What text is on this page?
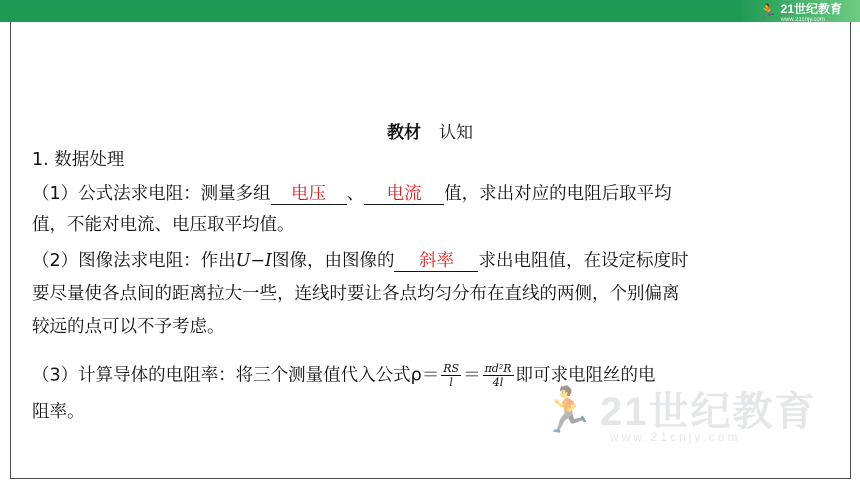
🏃 21世纪教育
www.21cnjy.com
教材 认知
1. 数据处理
（1）公式法求电阻：测量多组 电压 、 电流 值，求出对应的电阻后取平均
值，不能对电流、电压取平均值。
（2）图像法求电阻：作出U−I图像，由图像的 斜率 求出电阻值，在设定标度时
要尽量使各点间的距离拉大一些，连线时要让各点均匀分布在直线的两侧，个别偏离
较远的点可以不予考虑。
（3）计算导体的电阻率：将三个测量值代入公式$\rho= \frac{RS}{l} = \frac{\text{πd²R}}{4l}$ 即可求电阻丝的电
阻率。	🏃 21世纪教育
www.21cnjy.com
